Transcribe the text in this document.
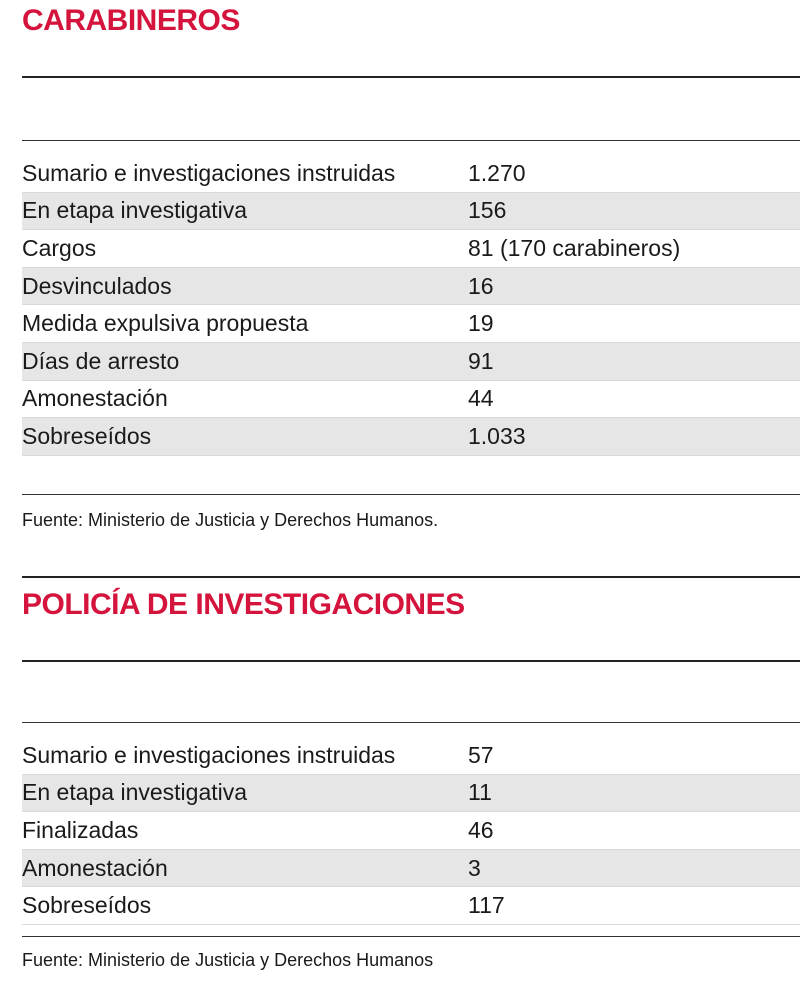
CARABINEROS
Sumario e investigaciones instruidas	1.270
En etapa investigativa	156
Cargos	81 (170 carabineros)
Desvinculados	16
Medida expulsiva propuesta	19
Días de arresto	91
Amonestación	44
Sobreseídos	1.033

Fuente: Ministerio de Justicia y Derechos Humanos.

POLICÍA DE INVESTIGACIONES
Sumario e investigaciones instruidas	57
En etapa investigativa	11
Finalizadas	46
Amonestación	3
Sobreseídos	117

Fuente: Ministerio de Justicia y Derechos Humanos
